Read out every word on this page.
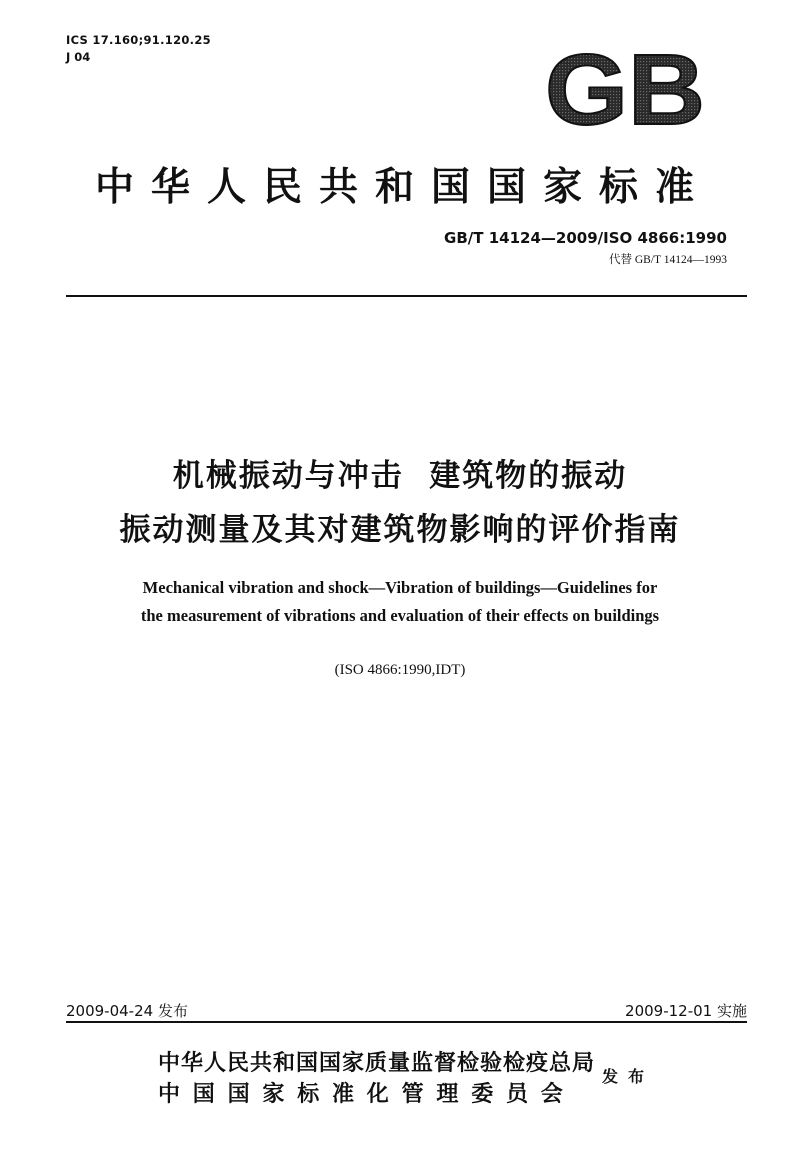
ICS 17.160;91.120.25
J 04	GB
中华人民共和国国家标准
GB/T 14124—2009/ISO 4866:1990
代替 GB/T 14124—1993
机械振动与冲击  建筑物的振动
振动测量及其对建筑物影响的评价指南
Mechanical vibration and shock—Vibration of buildings—Guidelines for
the measurement of vibrations and evaluation of their effects on buildings
(ISO 4866:1990,IDT)
2009-04-24 发布	2009-12-01 实施
中华人民共和国国家质量监督检验检疫总局
中国国家标准化管理委员会
发布
